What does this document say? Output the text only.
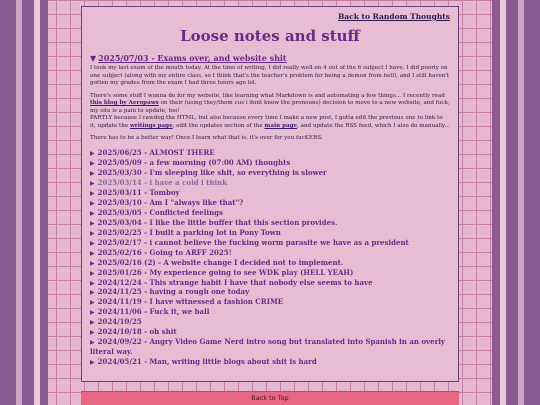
Back to Random Thoughts
Loose notes and stuff
▼ 2025/07/03 - Exams over, and website shit

I took my last exam of the mouth today. At the time of writing, I did really well on 4 out of the 6 subject I have, I did poorly on one subject (along with my entire class, so I think that's the teacher's problem for being a demon from hell), and I still haven't gotten my grades from the exam I had three hours ago lol.

There's some stuff I wanna do for my website, like learning what Markdown is and automating a few things... I recently read this blog by Aeropaws on their (using they/them cus i dont know the pronouns) decision to move to a new website, and fuck, my site is a pain to update, too!
PARTLY because I rawdog the HTML, but also because every time I make a new post, I gotta edit the previous one to link to it, update the writings page, edit the updates section of the main page, and update the RSS feed, which I also do manually...

There has to be a better way! Once I learn what that is, it's over for you fucKERS.

▶ 2025/06/25 - ALMOST THERE
▶ 2025/05/09 - a few morning (07:00 AM) thoughts
▶ 2025/03/30 - I'm sleeping like shit, so everything is slower
▶ 2025/03/14 - i have a cold i think
▶ 2025/03/11 - Tomboy
▶ 2025/03/10 - Am I "always like that"?
▶ 2025/03/05 - Conflicted feelings
▶ 2025/03/04 - I like the little buffer that this section provides.
▶ 2025/02/25 - I built a parking lot in Pony Town
▶ 2025/02/17 - i cannot believe the fucking worm parasite we have as a president
▶ 2025/02/16 - Going to ARFF 2025!
▶ 2025/02/16 (2) - A website change I decided not to implement.
▶ 2025/01/26 - My experience going to see WDK play (HELL YEAH)
▶ 2024/12/24 - This strange habit I have that nobody else seems to have
▶ 2024/11/25 - having a rough one today
▶ 2024/11/19 - I have witnessed a fashion CRIME
▶ 2024/11/06 - Fuck it, we ball
▶ 2024/10/25
▶ 2024/10/18 - oh shit
▶ 2024/09/22 - Angry Video Game Nerd intro song but translated into Spanish in an overly literal way.
▶ 2024/05/21 - Man, writing little blogs about shit is hard
Back to Top
